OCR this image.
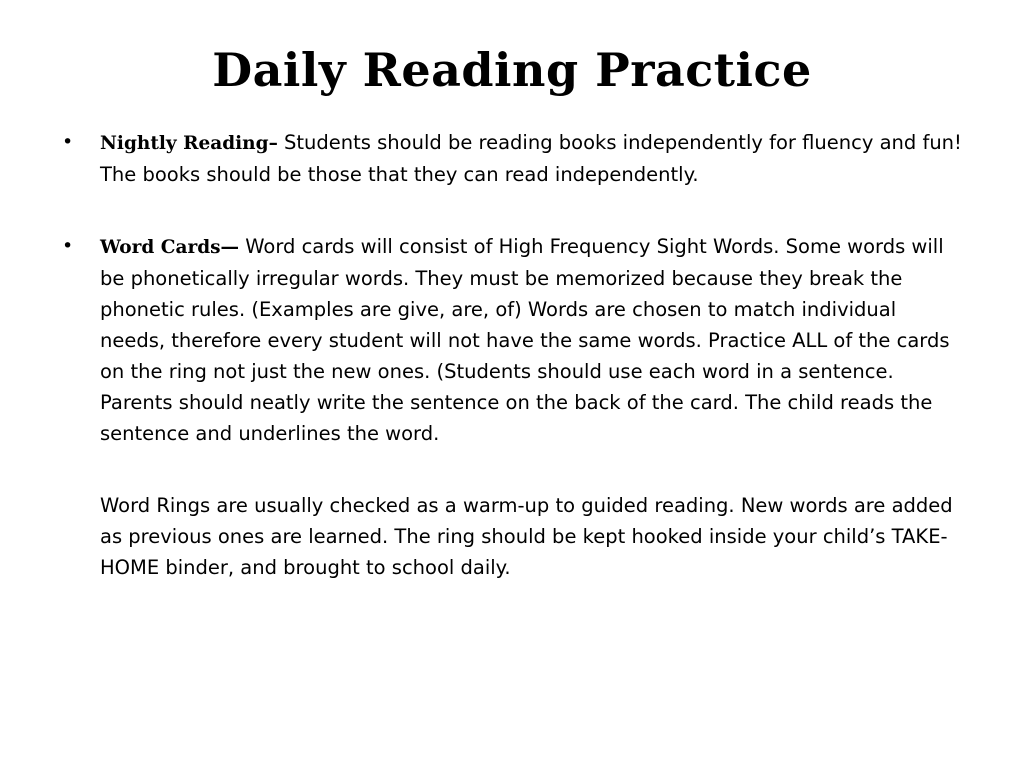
Daily Reading Practice
• Nightly Reading– Students should be reading books independently for fluency and fun! The books should be those that they can read independently.
• Word Cards— Word cards will consist of High Frequency Sight Words. Some words will be phonetically irregular words. They must be memorized because they break the phonetic rules. (Examples are give, are, of) Words are chosen to match individual needs, therefore every student will not have the same words. Practice ALL of the cards on the ring not just the new ones. (Students should use each word in a sentence. Parents should neatly write the sentence on the back of the card. The child reads the sentence and underlines the word.

Word Rings are usually checked as a warm-up to guided reading. New words are added as previous ones are learned. The ring should be kept hooked inside your child’s TAKE-HOME binder, and brought to school daily.
